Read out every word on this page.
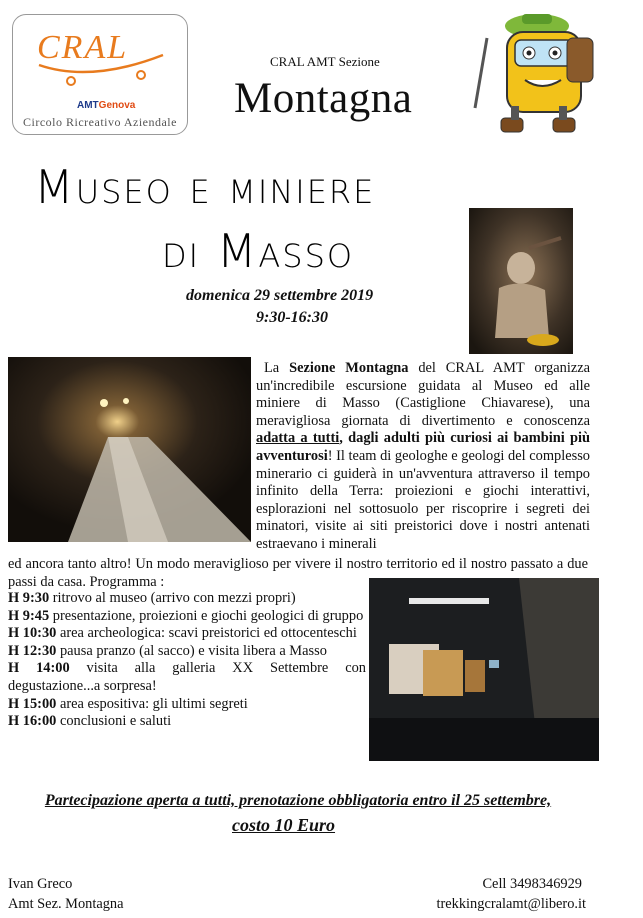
CRAL
AMTGenova
Circolo Ricreativo Aziendale
CRAL AMT Sezione
Montagna
Museo e miniere
di Masso
domenica 29 settembre 2019
9:30-16:30
La Sezione Montagna del CRAL AMT organizza un'incredibile escursione guidata al Museo ed alle miniere di Masso (Castiglione Chiavarese), una meravigliosa giornata di divertimento e conoscenza adatta a tutti, dagli adulti più curiosi ai bambini più avventurosi! Il team di geologhe e geologi del complesso minerario ci guiderà in un'avventura attraverso il tempo infinito della Terra: proiezioni e giochi interattivi, esplorazioni nel sottosuolo per riscoprire i segreti dei minatori, visite ai siti preistorici dove i nostri antenati estraevano i minerali
ed ancora tanto altro! Un modo meraviglioso per vivere il nostro territorio ed il nostro passato a due passi da casa. Programma :
H 9:30 ritrovo al museo (arrivo con mezzi propri)
H 9:45 presentazione, proiezioni e giochi geologici di gruppo
H 10:30 area archeologica: scavi preistorici ed ottocenteschi
H 12:30 pausa pranzo (al sacco) e visita libera a Masso
H 14:00 visita alla galleria XX Settembre con degustazione...a sorpresa!
H 15:00 area espositiva: gli ultimi segreti
H 16:00 conclusioni e saluti
Partecipazione aperta a tutti, prenotazione obbligatoria entro il 25 settembre,
costo 10 Euro
Ivan Greco
Amt Sez. Montagna
Cell 3498346929
trekkingcralamt@libero.it
